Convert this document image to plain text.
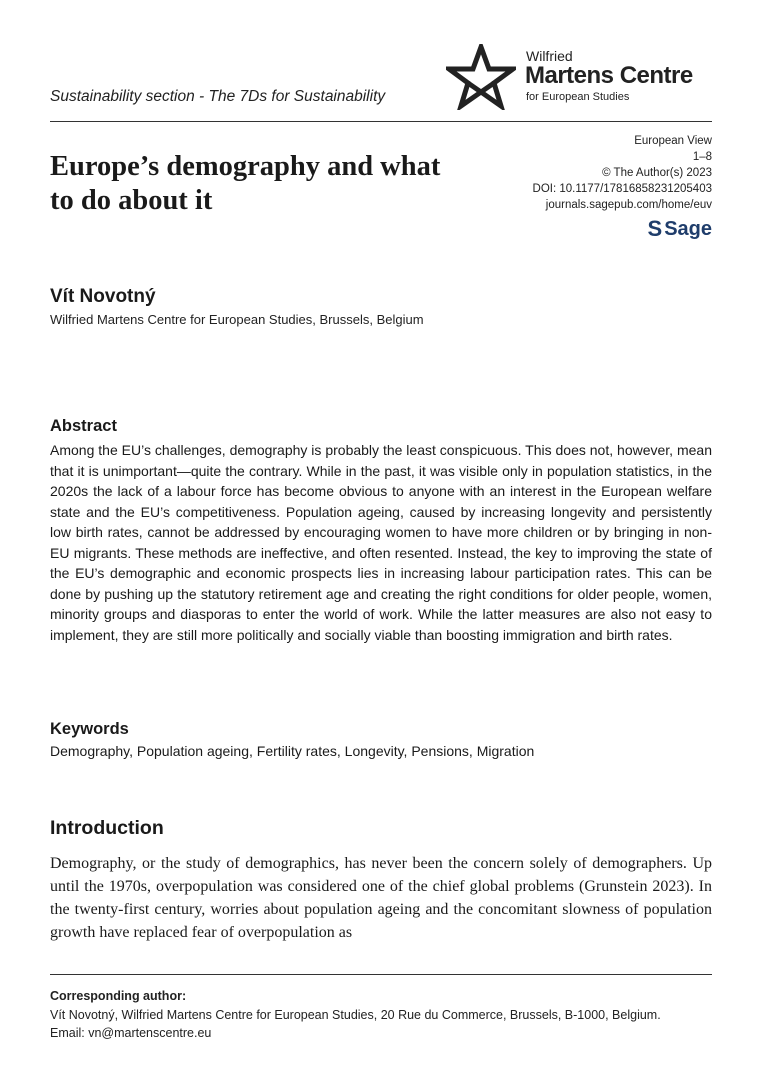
Sustainability section - The 7Ds for Sustainability
Wilfried
Martens Centre
for European Studies
Europe’s demography and what to do about it
European View
1–8
© The Author(s) 2023
DOI: 10.1177/17816858231205403
journals.sagepub.com/home/euv
S Sage
Vít Novotný
Wilfried Martens Centre for European Studies, Brussels, Belgium
Abstract

Among the EU’s challenges, demography is probably the least conspicuous. This does not, however, mean that it is unimportant—quite the contrary. While in the past, it was visible only in population statistics, in the 2020s the lack of a labour force has become obvious to anyone with an interest in the European welfare state and the EU’s competitiveness. Population ageing, caused by increasing longevity and persistently low birth rates, cannot be addressed by encouraging women to have more children or by bringing in non-EU migrants. These methods are ineffective, and often resented. Instead, the key to improving the state of the EU’s demographic and economic prospects lies in increasing labour participation rates. This can be done by pushing up the statutory retirement age and creating the right conditions for older people, women, minority groups and diasporas to enter the world of work. While the latter measures are also not easy to implement, they are still more politically and socially viable than boosting immigration and birth rates.

Keywords
Demography, Population ageing, Fertility rates, Longevity, Pensions, Migration
Introduction

Demography, or the study of demographics, has never been the concern solely of demographers. Up until the 1970s, overpopulation was considered one of the chief global problems (Grunstein 2023). In the twenty-first century, worries about population ageing and the concomitant slowness of population growth have replaced fear of overpopulation as

Corresponding author:
Vít Novotný, Wilfried Martens Centre for European Studies, 20 Rue du Commerce, Brussels, B-1000, Belgium.
Email: vn@martenscentre.eu
